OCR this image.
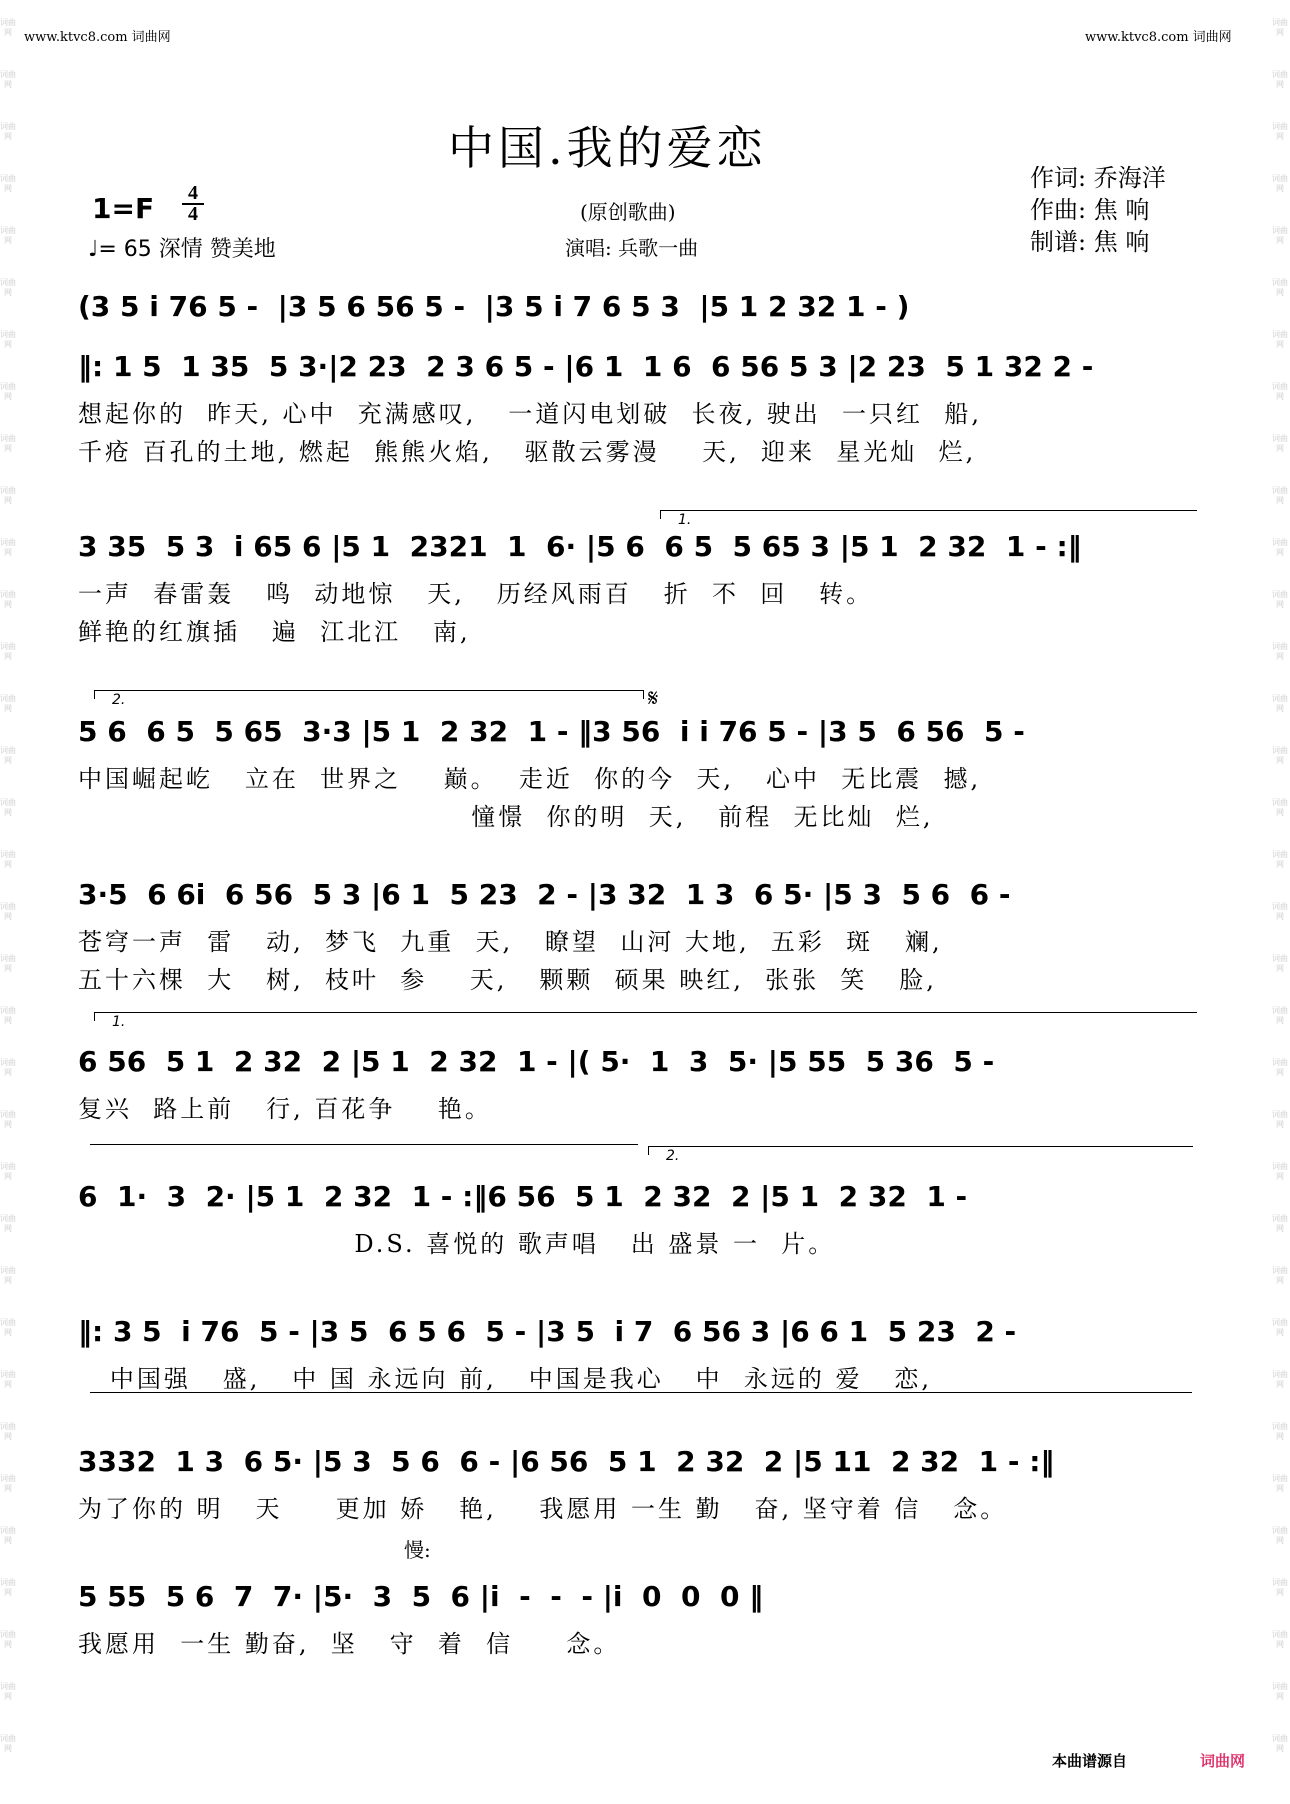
词曲网
词曲网
词曲网
词曲网
词曲网
词曲网
词曲网
词曲网
词曲网
词曲网
词曲网
词曲网
词曲网
词曲网
词曲网
词曲网
词曲网
词曲网
词曲网
词曲网
词曲网
词曲网
词曲网
词曲网
词曲网
词曲网
词曲网
词曲网
词曲网
词曲网
词曲网
词曲网
词曲网
词曲网
词曲网
词曲网
词曲网
词曲网
词曲网
词曲网
词曲网
词曲网
词曲网
词曲网
词曲网
词曲网
词曲网
词曲网
词曲网
词曲网
词曲网
词曲网
词曲网
词曲网
词曲网
词曲网
词曲网
词曲网
词曲网
词曲网
词曲网
词曲网
词曲网
词曲网
词曲网
词曲网
词曲网
词曲网
www.ktvc8.com 词曲网	www.ktvc8.com 词曲网
中国.我的爱恋
作词: 乔海洋
作曲: 焦 响
制谱: 焦 响
(原创歌曲)
演唱: 兵歌一曲
$1=F \frac{4}{4}$
♩= 65 深情 赞美地
(3 5 i 76 5 -  |3 5 6 56 5 -  |3 5 i 7 6 5 3  |5 1 2 32 1 - )
‖: 1 5  1 35  5 3·|2 23  2 3 6 5 - |6 1  1 6  6 56 5 3 |2 23  5 1 32 2 -
想起你的  昨天, 心中  充满感叹,   一道闪电划破  长夜, 驶出  一只红  船,
千疮 百孔的土地, 燃起  熊熊火焰,   驱散云雾漫    天,  迎来  星光灿  烂,
3 35  5 3  i 65 6 |5 1  2321  1  6· |5 6  6 5  5 65 3 |5 1  2 32  1 - :‖
一声  春雷轰   鸣  动地惊   天,   历经风雨百   折  不  回   转。
鲜艳的红旗插   遍  江北江   南,
5 6  6 5  5 65  3·3 |5 1  2 32  1 - ‖3 56  i i 76 5 - |3 5  6 56  5 -
中国崛起屹   立在  世界之    巅。  走近  你的今  天,   心中  无比震  撼,
憧憬  你的明  天,   前程  无比灿  烂,
3·5  6 6i  6 56  5 3 |6 1  5 23  2 - |3 32  1 3  6 5· |5 3  5 6  6 -
苍穹一声  雷   动,  梦飞  九重  天,   瞭望  山河 大地,  五彩  斑   斓,
五十六棵  大   树,  枝叶  参    天,   颗颗  硕果 映红,  张张  笑   脸,
6 56  5 1  2 32  2 |5 1  2 32  1 - |( 5·  1  3  5· |5 55  5 36  5 -
复兴  路上前   行, 百花争    艳。
6  1·  3  2· |5 1  2 32  1 - :‖6 56  5 1  2 32  2 |5 1  2 32  1 -
D.S. 喜悦的 歌声唱   出 盛景 一  片。
‖: 3 5  i 76  5 - |3 5  6 5 6  5 - |3 5  i 7  6 56 3 |6 6 1  5 23  2 -
中国强   盛,   中 国 永远向 前,   中国是我心   中  永远的 爱   恋,
3332  1 3  6 5· |5 3  5 6  6 - |6 56  5 1  2 32  2 |5 11  2 32  1 - :‖
为了你的 明   天     更加 娇   艳,    我愿用 一生 勤   奋, 坚守着 信   念。
5 55  5 6  7  7· |5·  3  5  6 |i  -  -  - |i  0  0  0 ‖
我愿用  一生 勤奋,  坚   守  着  信     念。
1.
2.	𝄋
1.
2.
慢:
本曲谱源自	词曲网
